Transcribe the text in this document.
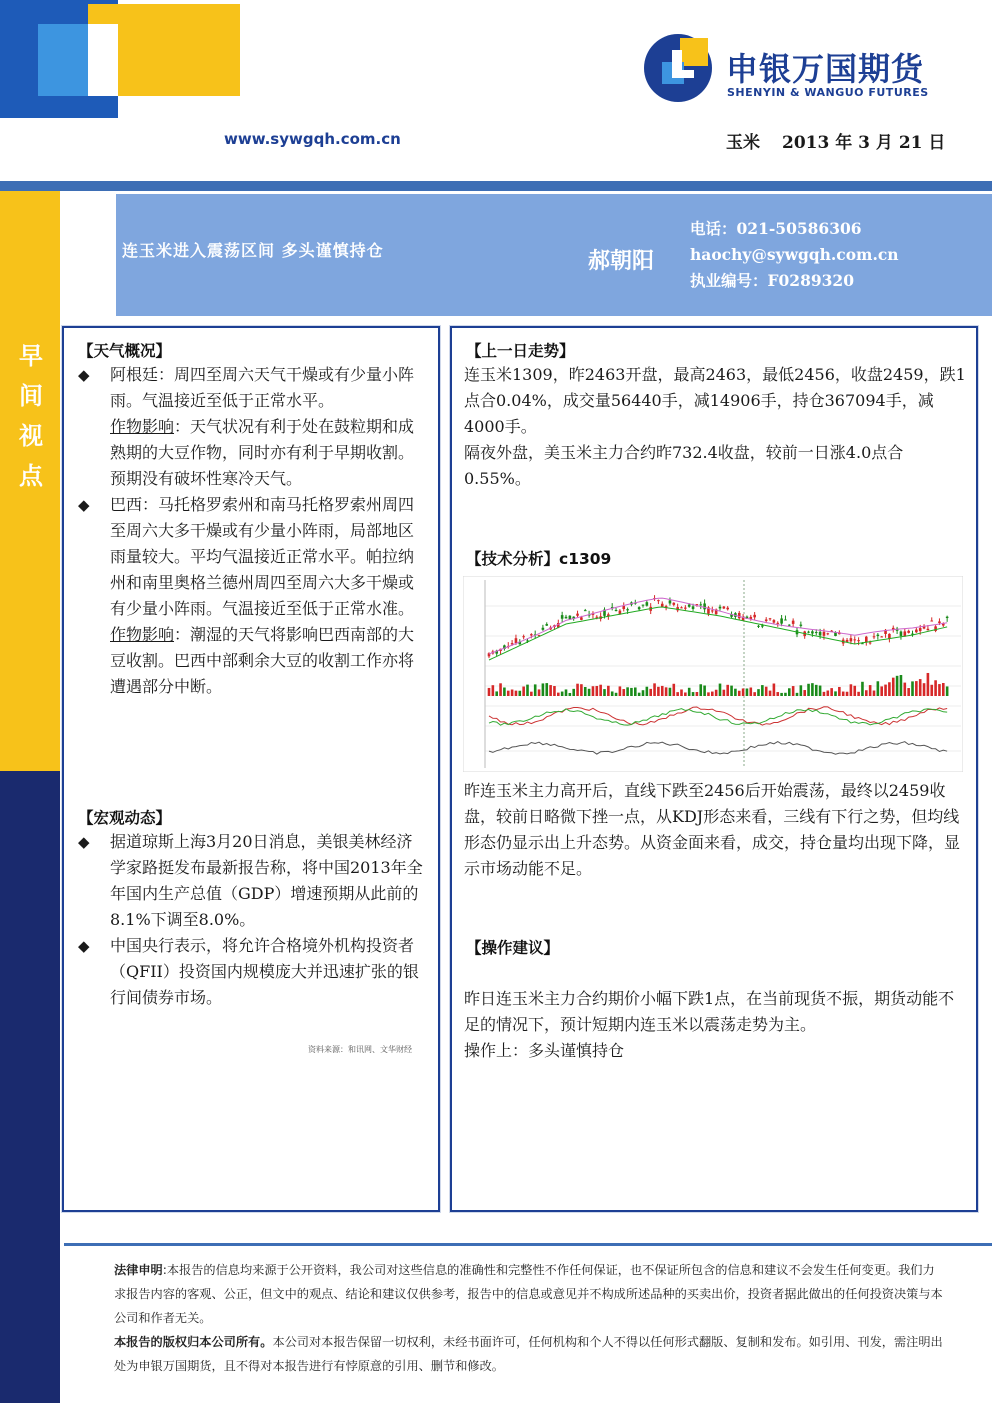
申银万国期货
SHENYIN & WANGUO FUTURES
www.sywgqh.com.cn	玉米 2013 年 3 月 21 日
早间视点
连玉米进入震荡区间 多头谨慎持仓	郝朝阳
电话：021-50586306
haochy@sywgqh.com.cn
执业编号：F0289320
【天气概况】
◆ 阿根廷：周四至周六天气干燥或有少量小阵雨。气温接近至低于正常水平。
作物影响：天气状况有利于处在鼓粒期和成熟期的大豆作物，同时亦有利于早期收割。预期没有破坏性寒冷天气。
◆ 巴西：马托格罗索州和南马托格罗索州周四至周六大多干燥或有少量小阵雨，局部地区雨量较大。平均气温接近正常水平。帕拉纳州和南里奥格兰德州周四至周六大多干燥或有少量小阵雨。气温接近至低于正常水准。
作物影响：潮湿的天气将影响巴西南部的大豆收割。巴西中部剩余大豆的收割工作亦将遭遇部分中断。
【宏观动态】
◆ 据道琼斯上海3月20日消息，美银美林经济学家路挺发布最新报告称，将中国2013年全年国内生产总值（GDP）增速预期从此前的8.1%下调至8.0%。
◆ 中国央行表示，将允许合格境外机构投资者（QFII）投资国内规模庞大并迅速扩张的银行间债券市场。
资料来源：和讯网、文华财经
【上一日走势】
连玉米1309，昨2463开盘，最高2463，最低2456，收盘2459，跌1点合0.04%，成交量56440手，减14906手，持仓367094手，减4000手。
隔夜外盘，美玉米主力合约昨732.4收盘，较前一日涨4.0点合0.55%。
【技术分析】c1309
昨连玉米主力高开后，直线下跌至2456后开始震荡，最终以2459收盘，较前日略微下挫一点，从KDJ形态来看，三线有下行之势，但均线形态仍显示出上升态势。从资金面来看，成交，持仓量均出现下降，显示市场动能不足。
【操作建议】
昨日连玉米主力合约期价小幅下跌1点，在当前现货不振，期货动能不足的情况下，预计短期内连玉米以震荡走势为主。
操作上：多头谨慎持仓
法律申明:本报告的信息均来源于公开资料，我公司对这些信息的准确性和完整性不作任何保证，也不保证所包含的信息和建议不会发生任何变更。我们力求报告内容的客观、公正，但文中的观点、结论和建议仅供参考，报告中的信息或意见并不构成所述品种的买卖出价，投资者据此做出的任何投资决策与本公司和作者无关。
本报告的版权归本公司所有。本公司对本报告保留一切权利，未经书面许可，任何机构和个人不得以任何形式翻版、复制和发布。如引用、刊发，需注明出处为申银万国期货，且不得对本报告进行有悖原意的引用、删节和修改。
